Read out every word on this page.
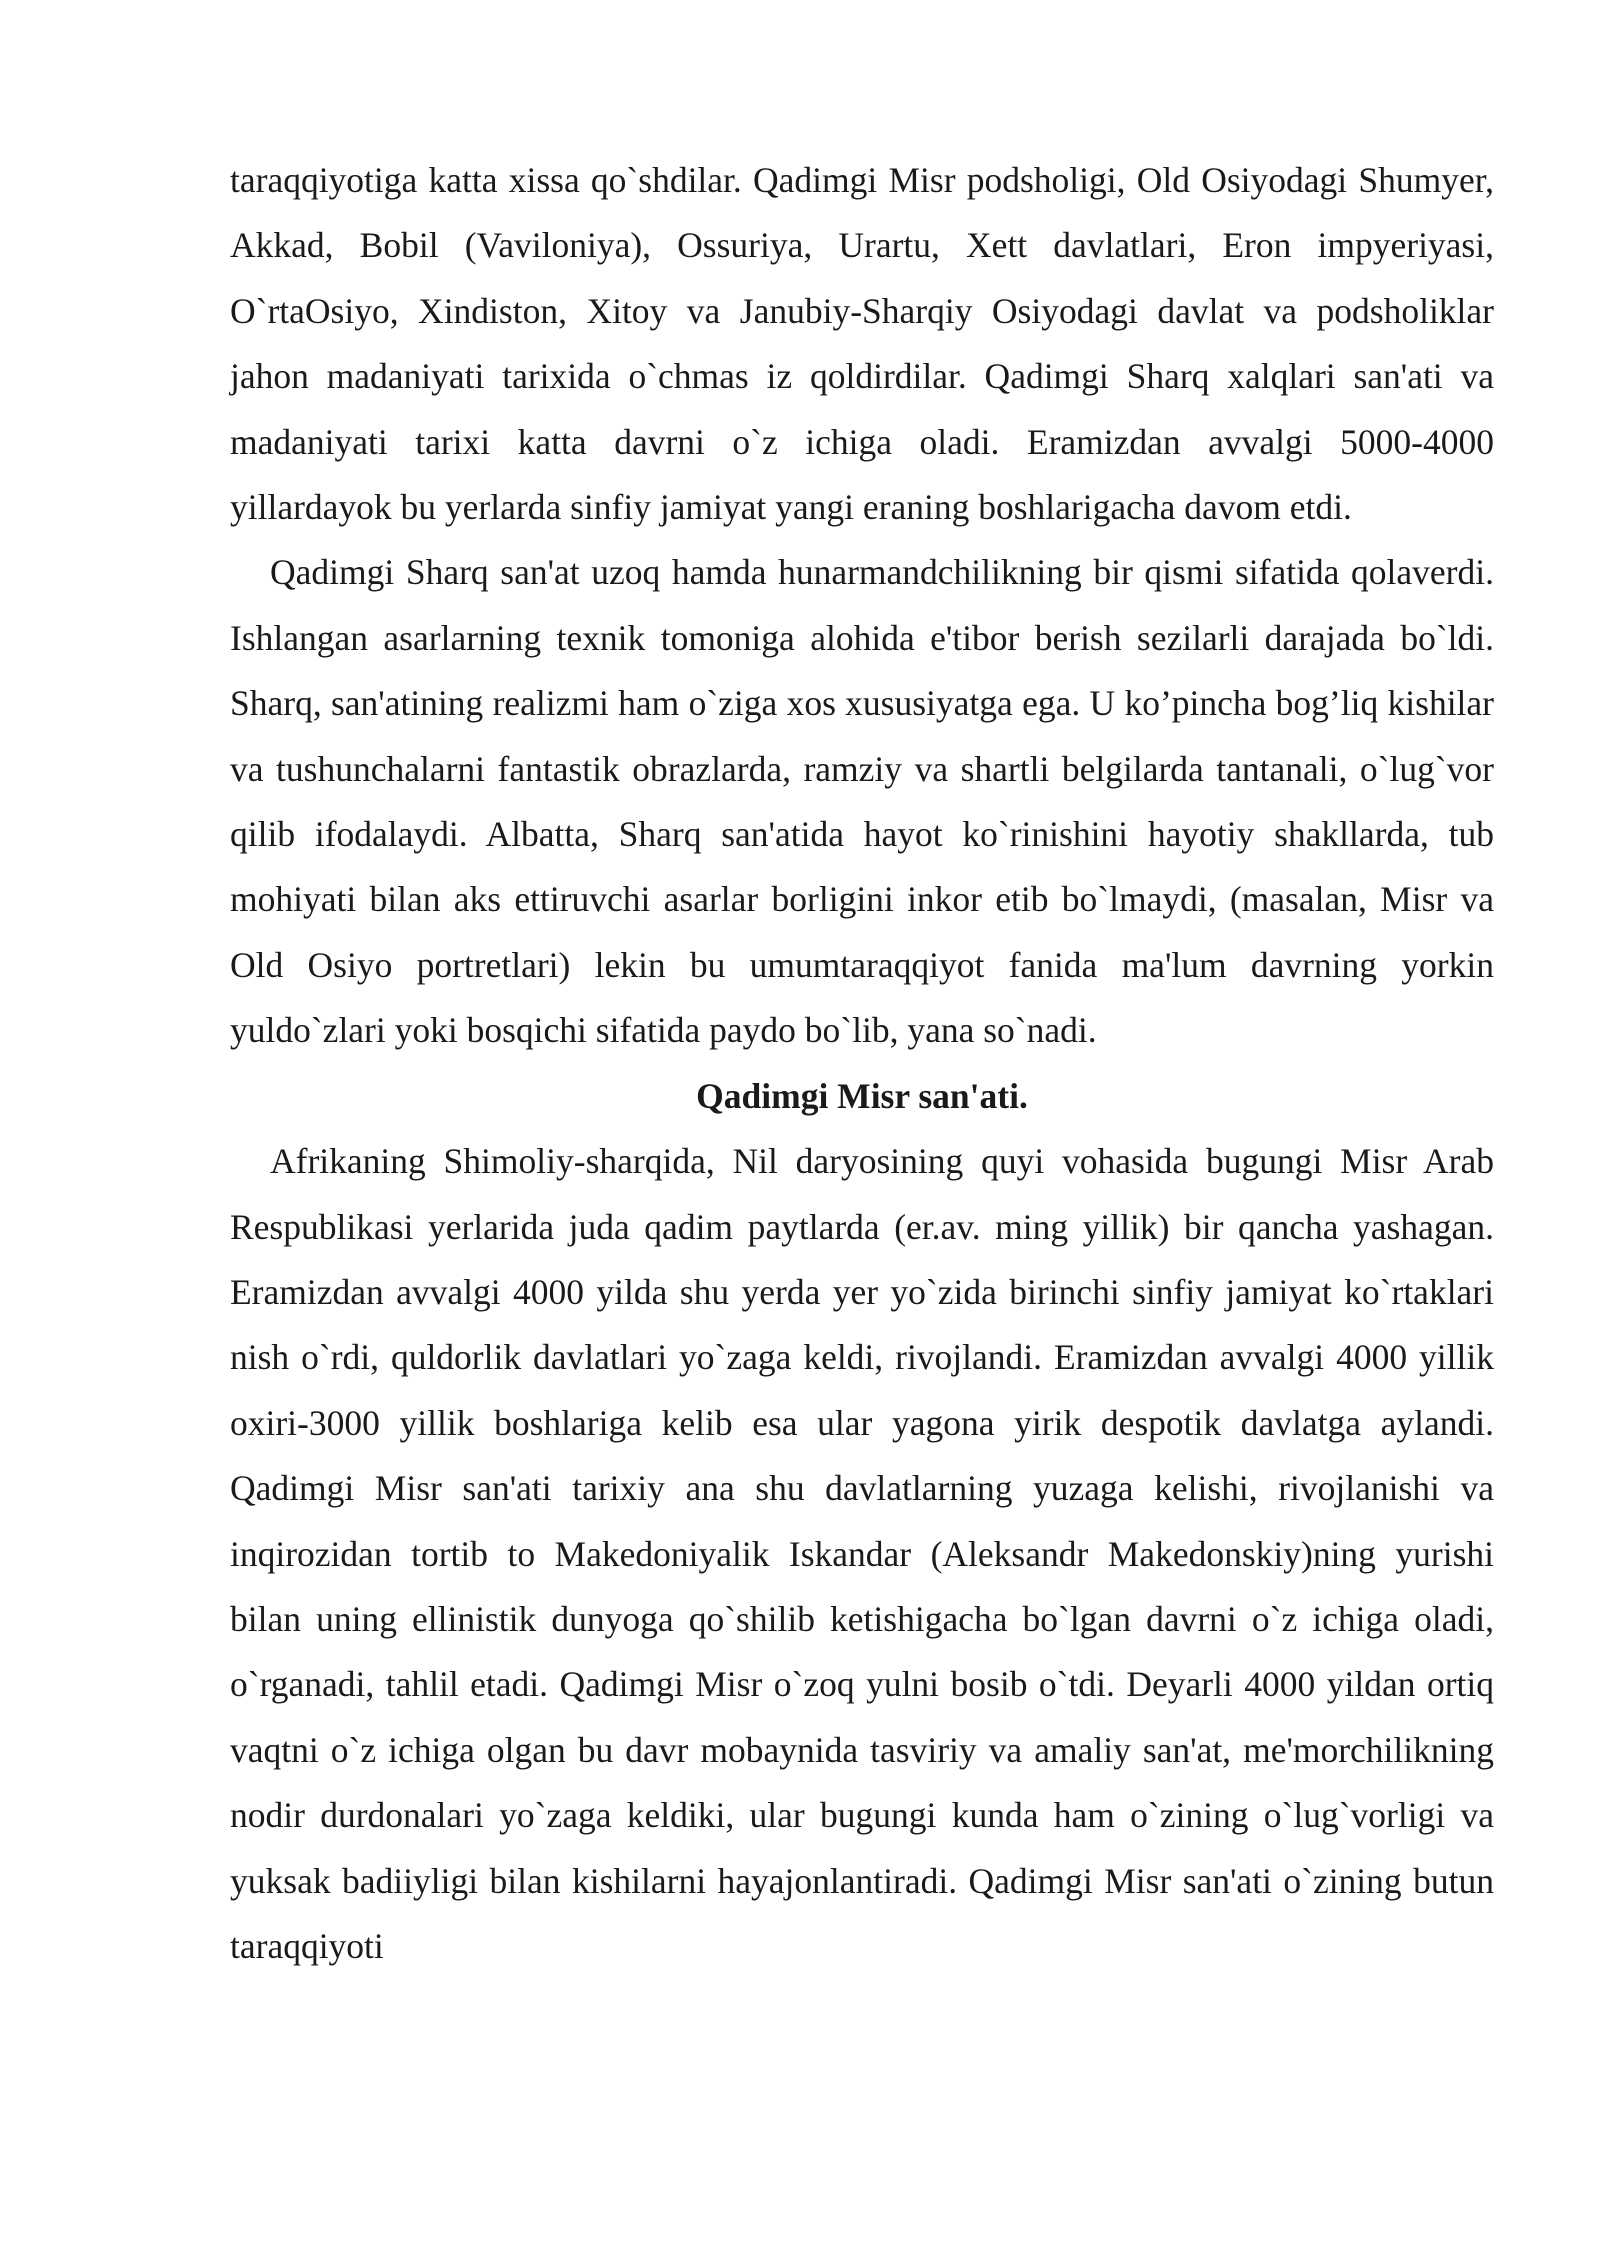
taraqqiyotiga katta xissa qo`shdilar. Qadimgi Misr podsholigi, Old Osiyodagi Shumyer, Akkad, Bobil (Vaviloniya), Ossuriya, Urartu, Xett davlatlari, Eron impyeriyasi, O`rtaOsiyo, Xindiston, Xitoy va Janubiy-Sharqiy Osiyodagi davlat va podsholiklar jahon madaniyati tarixida o`chmas iz qoldirdilar. Qadimgi Sharq xalqlari san'ati va madaniyati tarixi katta davrni o`z ichiga oladi. Eramizdan avvalgi 5000-4000 yillardayok bu yerlarda sinfiy jamiyat yangi eraning boshlarigacha davom etdi.

Qadimgi Sharq san'at uzoq hamda hunarmandchilikning bir qismi sifatida qolaverdi. Ishlangan asarlarning texnik tomoniga alohida e'tibor berish sezilarli darajada bo`ldi. Sharq, san'atining realizmi ham o`ziga xos xususiyatga ega. U ko’pincha bog’liq kishilar va tushunchalarni fantastik obrazlarda, ramziy va shartli belgilarda tantanali, o`lug`vor qilib ifodalaydi. Albatta, Sharq san'atida hayot ko`rinishini hayotiy shakllarda, tub mohiyati bilan aks ettiruvchi asarlar borligini inkor etib bo`lmaydi, (masalan, Misr va Old Osiyo portretlari) lekin bu umumtaraqqiyot fanida ma'lum davrning yorkin yuldo`zlari yoki bosqichi sifatida paydo bo`lib, yana so`nadi.

Qadimgi Misr san'ati.

Afrikaning Shimoliy-sharqida, Nil daryosining quyi vohasida bugungi Misr Arab Respublikasi yerlarida juda qadim paytlarda (er.av. ming yillik) bir qancha yashagan. Eramizdan avvalgi 4000 yilda shu yerda yer yo`zida birinchi sinfiy jamiyat ko`rtaklari nish o`rdi, quldorlik davlatlari yo`zaga keldi, rivojlandi. Eramizdan avvalgi 4000 yillik oxiri-3000 yillik boshlariga kelib esa ular yagona yirik despotik davlatga aylandi. Qadimgi Misr san'ati tarixiy ana shu davlatlarning yuzaga kelishi, rivojlanishi va inqirozidan tortib to Makedoniyalik Iskandar (Aleksandr Makedonskiy)ning yurishi bilan uning ellinistik dunyoga qo`shilib ketishigacha bo`lgan davrni o`z ichiga oladi, o`rganadi, tahlil etadi. Qadimgi Misr o`zoq yulni bosib o`tdi. Deyarli 4000 yildan ortiq vaqtni o`z ichiga olgan bu davr mobaynida tasviriy va amaliy san'at, me'morchilikning nodir durdonalari yo`zaga keldiki, ular bugungi kunda ham o`zining o`lug`vorligi va yuksak badiiyligi bilan kishilarni hayajonlantiradi. Qadimgi Misr san'ati o`zining butun taraqqiyoti
